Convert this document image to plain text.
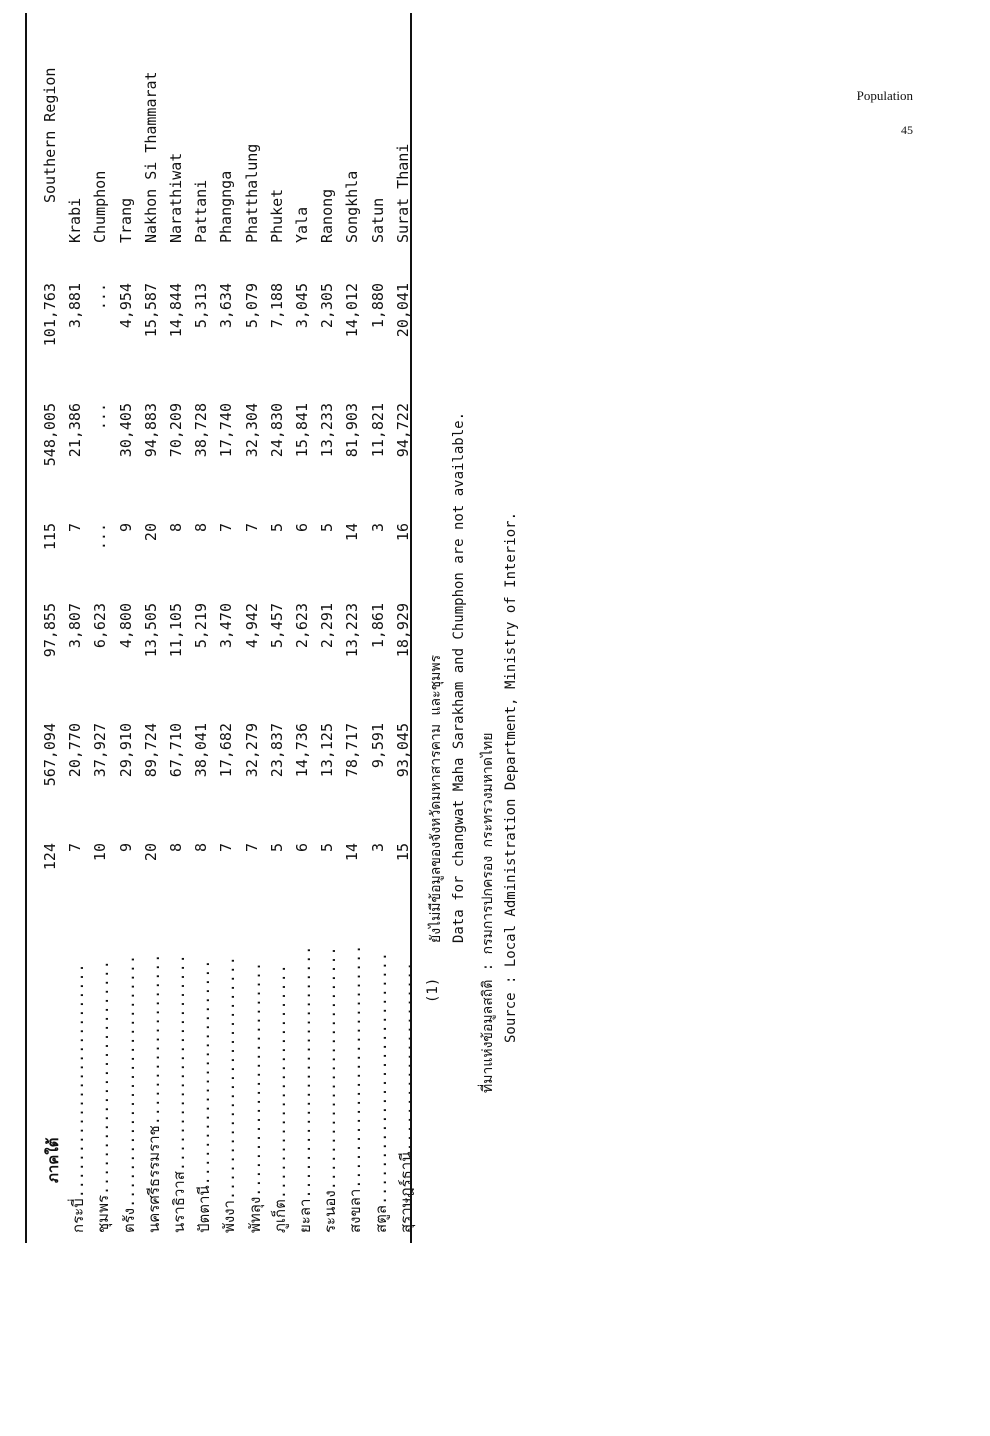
Population
45
ภาคใต้
124
567,094
97,855
115
548,005
101,763
Southern Region
กระบี่..........................
7
20,770
3,807
7
21,386
3,881
Krabi
ชุมพร..........................
10
37,927
6,623
...
...
...
Chumphon
ตรัง............................
9
29,910
4,800
9
30,405
4,954
Trang
นครศรีธรรมราช...................
20
89,724
13,505
20
94,883
15,587
Nakhon Si Thammarat
นราธิวาส........................
8
67,710
11,105
8
70,209
14,844
Narathiwat
ปัตตานี.........................
8
38,041
5,219
8
38,728
5,313
Pattani
พังงา...........................
7
17,682
3,470
7
17,740
3,634
Phangnga
พัทลุง..........................
7
32,279
4,942
7
32,304
5,079
Phatthalung
ภูเก็ต..........................
5
23,837
5,457
5
24,830
7,188
Phuket
ยะลา............................
6
14,736
2,623
6
15,841
3,045
Yala
ระนอง...........................
5
13,125
2,291
5
13,233
2,305
Ranong
สงขลา...........................
14
78,717
13,223
14
81,903
14,012
Songkhla
สตูล............................
3
9,591
1,861
3
11,821
1,880
Satun
สุราษฎร์ธานี.....................
15
93,045
18,929
16
94,722
20,041
Surat Thani
(1)
ยังไม่มีข้อมูลของจังหวัดมหาสารคาม และชุมพร Data for changwat Maha Sarakham and Chumphon are not available. ที่มาแห่งข้อมูลสถิติ : กรมการปกครอง กระทรวงมหาดไทย Source : Local Administration Department, Ministry of Interior.
